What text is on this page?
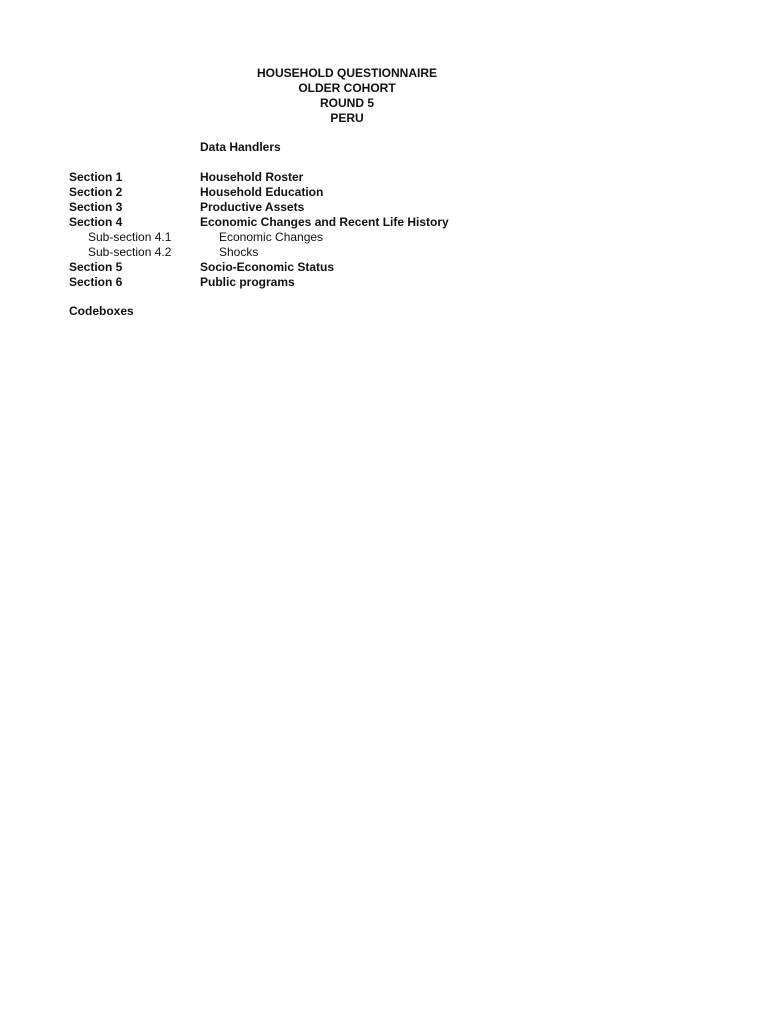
HOUSEHOLD QUESTIONNAIRE
OLDER COHORT
ROUND 5
PERU
Data Handlers
Section 1	Household Roster
Section 2	Household Education
Section 3	Productive Assets
Section 4	Economic Changes and Recent Life History
Sub-section 4.1	Economic Changes
Sub-section 4.2	Shocks
Section 5	Socio-Economic Status
Section 6	Public programs
Codeboxes
